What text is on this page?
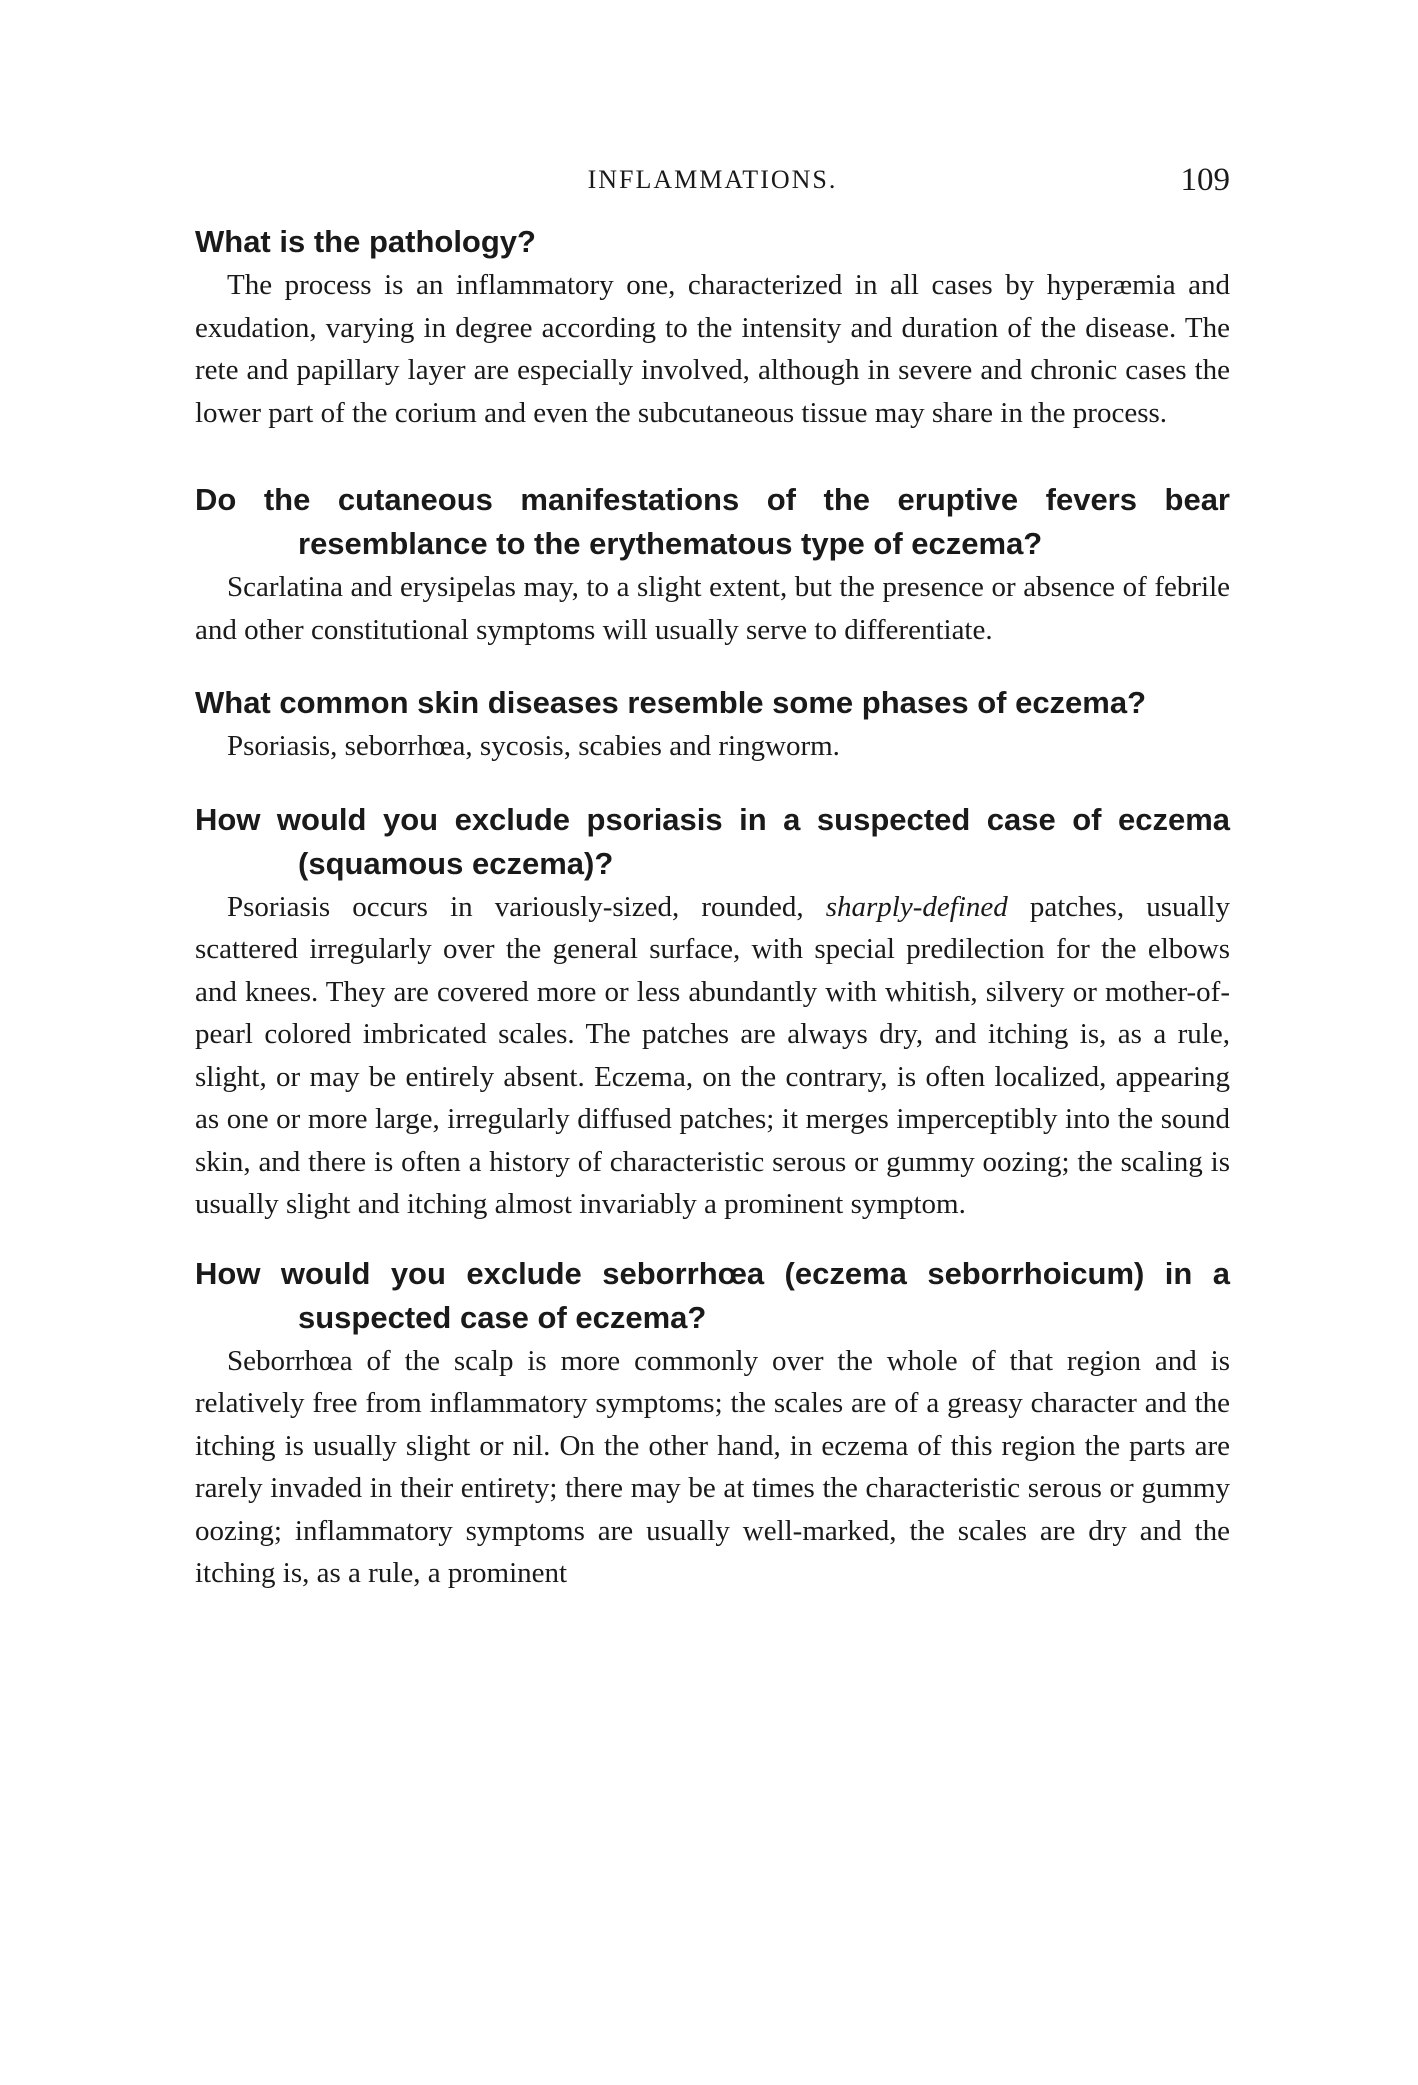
INFLAMMATIONS.	109

What is the pathology?

The process is an inflammatory one, characterized in all cases by hyperæmia and exudation, varying in degree according to the intensity and duration of the disease. The rete and papillary layer are especially involved, although in severe and chronic cases the lower part of the corium and even the subcutaneous tissue may share in the process.

Do the cutaneous manifestations of the eruptive fevers bear resemblance to the erythematous type of eczema?

Scarlatina and erysipelas may, to a slight extent, but the presence or absence of febrile and other constitutional symptoms will usually serve to differentiate.

What common skin diseases resemble some phases of eczema?

Psoriasis, seborrhœa, sycosis, scabies and ringworm.

How would you exclude psoriasis in a suspected case of eczema (squamous eczema)?

Psoriasis occurs in variously-sized, rounded, sharply-defined patches, usually scattered irregularly over the general surface, with special predilection for the elbows and knees. They are covered more or less abundantly with whitish, silvery or mother-of-pearl colored imbricated scales. The patches are always dry, and itching is, as a rule, slight, or may be entirely absent. Eczema, on the contrary, is often localized, appearing as one or more large, irregularly diffused patches; it merges imperceptibly into the sound skin, and there is often a history of characteristic serous or gummy oozing; the scaling is usually slight and itching almost invariably a prominent symptom.

How would you exclude seborrhœa (eczema seborrhoicum) in a suspected case of eczema?

Seborrhœa of the scalp is more commonly over the whole of that region and is relatively free from inflammatory symptoms; the scales are of a greasy character and the itching is usually slight or nil. On the other hand, in eczema of this region the parts are rarely invaded in their entirety; there may be at times the characteristic serous or gummy oozing; inflammatory symptoms are usually well-marked, the scales are dry and the itching is, as a rule, a prominent
